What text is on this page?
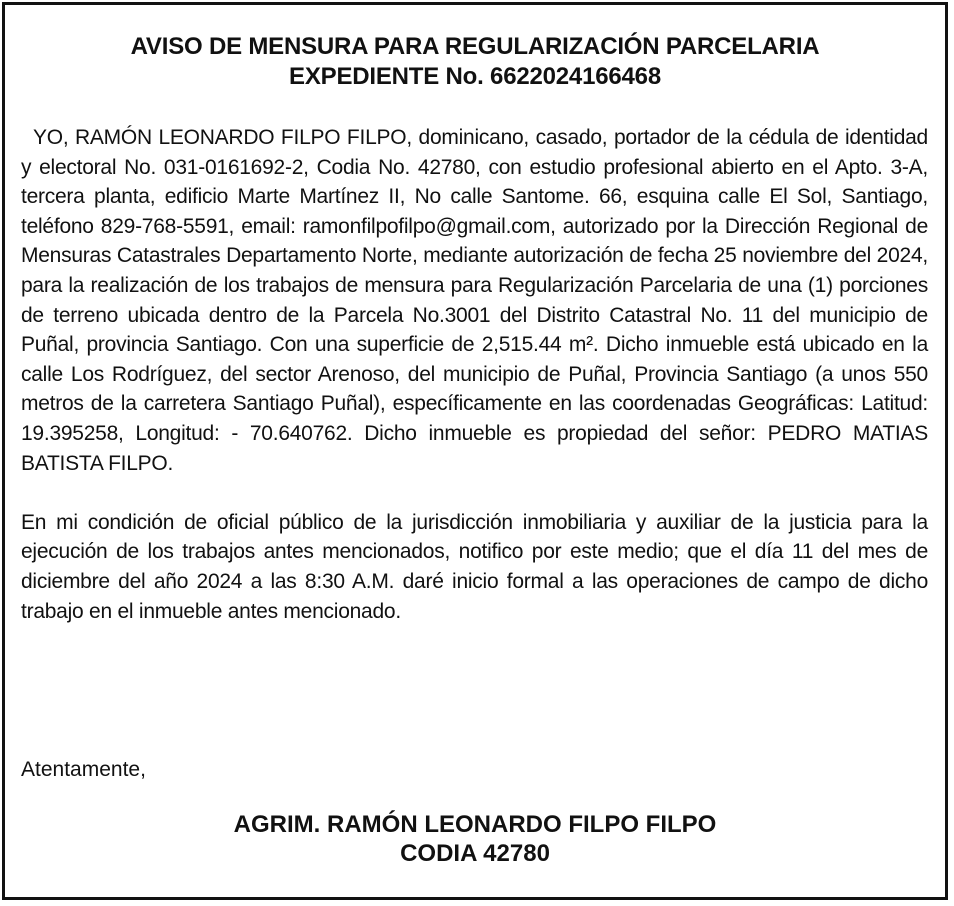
AVISO DE MENSURA PARA REGULARIZACIÓN PARCELARIA
EXPEDIENTE No. 6622024166468

YO, RAMÓN LEONARDO FILPO FILPO, dominicano, casado, portador de la cédula de identidad y electoral No. 031-0161692-2, Codia No. 42780, con estudio profesional abierto en el Apto. 3-A, tercera planta, edificio Marte Martínez II, No calle Santome. 66, esquina calle El Sol, Santiago, teléfono 829-768-5591, email: ramonfilpofilpo@gmail.com, autorizado por la Dirección Regional de Mensuras Catastrales Departamento Norte, mediante autorización de fecha 25 noviembre del 2024, para la realización de los trabajos de mensura para Regularización Parcelaria de una (1) porciones de terreno ubicada dentro de la Parcela No.3001 del Distrito Catastral No. 11 del municipio de Puñal, provincia Santiago. Con una superficie de 2,515.44 m². Dicho inmueble está ubicado en la calle Los Rodríguez, del sector Arenoso, del municipio de Puñal, Provincia Santiago (a unos 550 metros de la carretera Santiago Puñal), específicamente en las coordenadas Geográficas: Latitud: 19.395258, Longitud: - 70.640762. Dicho inmueble es propiedad del señor: PEDRO MATIAS BATISTA FILPO.

En mi condición de oficial público de la jurisdicción inmobiliaria y auxiliar de la justicia para la ejecución de los trabajos antes mencionados, notifico por este medio; que el día 11 del mes de diciembre del año 2024 a las 8:30 A.M. daré inicio formal a las operaciones de campo de dicho trabajo en el inmueble antes mencionado.

Atentamente,
AGRIM. RAMÓN LEONARDO FILPO FILPO
CODIA 42780
